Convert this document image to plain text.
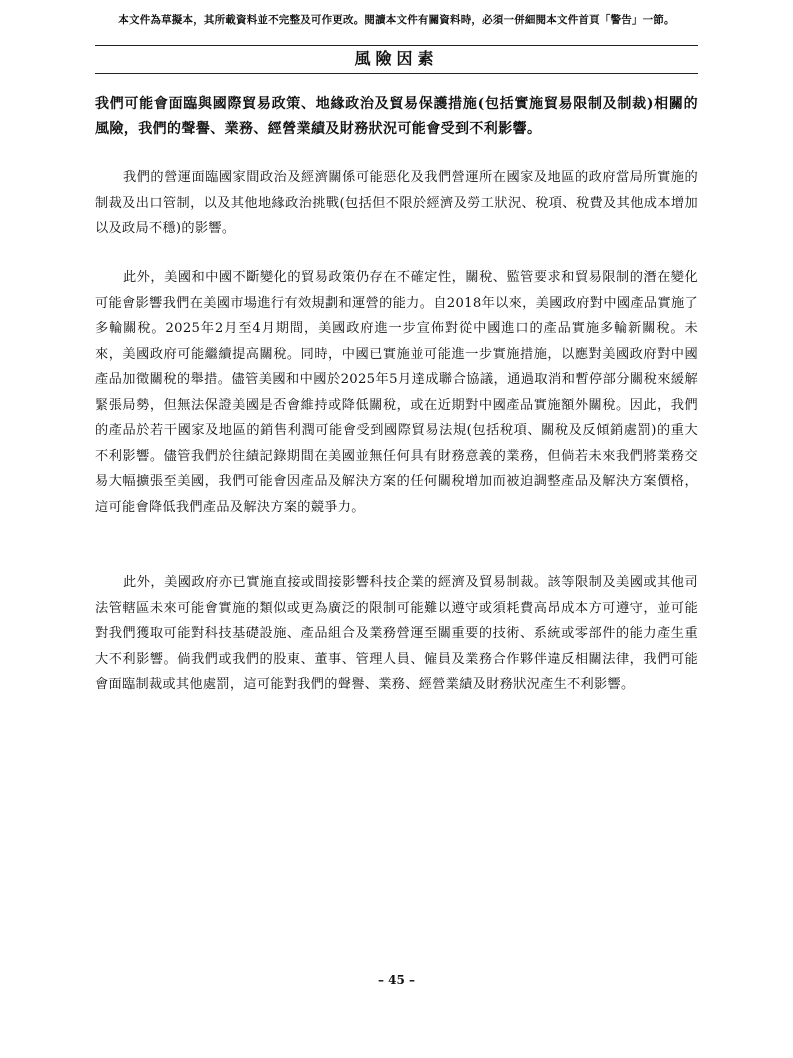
本文件為草擬本，其所載資料並不完整及可作更改。閱讀本文件有關資料時，必須一併細閱本文件首頁「警告」一節。
風險因素
我們可能會面臨與國際貿易政策、地緣政治及貿易保護措施(包括實施貿易限制及制裁)相關的風險，我們的聲譽、業務、經營業績及財務狀況可能會受到不利影響。
我們的營運面臨國家間政治及經濟關係可能惡化及我們營運所在國家及地區的政府當局所實施的制裁及出口管制，以及其他地緣政治挑戰(包括但不限於經濟及勞工狀況、稅項、稅費及其他成本增加以及政局不穩)的影響。
此外，美國和中國不斷變化的貿易政策仍存在不確定性，關稅、監管要求和貿易限制的潛在變化可能會影響我們在美國市場進行有效規劃和運營的能力。自2018年以來，美國政府對中國產品實施了多輪關稅。2025年2月至4月期間，美國政府進一步宣佈對從中國進口的產品實施多輪新關稅。未來，美國政府可能繼續提高關稅。同時，中國已實施並可能進一步實施措施，以應對美國政府對中國產品加徵關稅的舉措。儘管美國和中國於2025年5月達成聯合協議，通過取消和暫停部分關稅來緩解緊張局勢，但無法保證美國是否會維持或降低關稅，或在近期對中國產品實施額外關稅。因此，我們的產品於若干國家及地區的銷售利潤可能會受到國際貿易法規(包括稅項、關稅及反傾銷處罰)的重大不利影響。儘管我們於往績記錄期間在美國並無任何具有財務意義的業務，但倘若未來我們將業務交易大幅擴張至美國，我們可能會因產品及解決方案的任何關稅增加而被迫調整產品及解決方案價格，這可能會降低我們產品及解決方案的競爭力。
此外，美國政府亦已實施直接或間接影響科技企業的經濟及貿易制裁。該等限制及美國或其他司法管轄區未來可能會實施的類似或更為廣泛的限制可能難以遵守或須耗費高昂成本方可遵守，並可能對我們獲取可能對科技基礎設施、產品組合及業務營運至關重要的技術、系統或零部件的能力產生重大不利影響。倘我們或我們的股東、董事、管理人員、僱員及業務合作夥伴違反相關法律，我們可能會面臨制裁或其他處罰，這可能對我們的聲譽、業務、經營業績及財務狀況產生不利影響。
– 45 –
